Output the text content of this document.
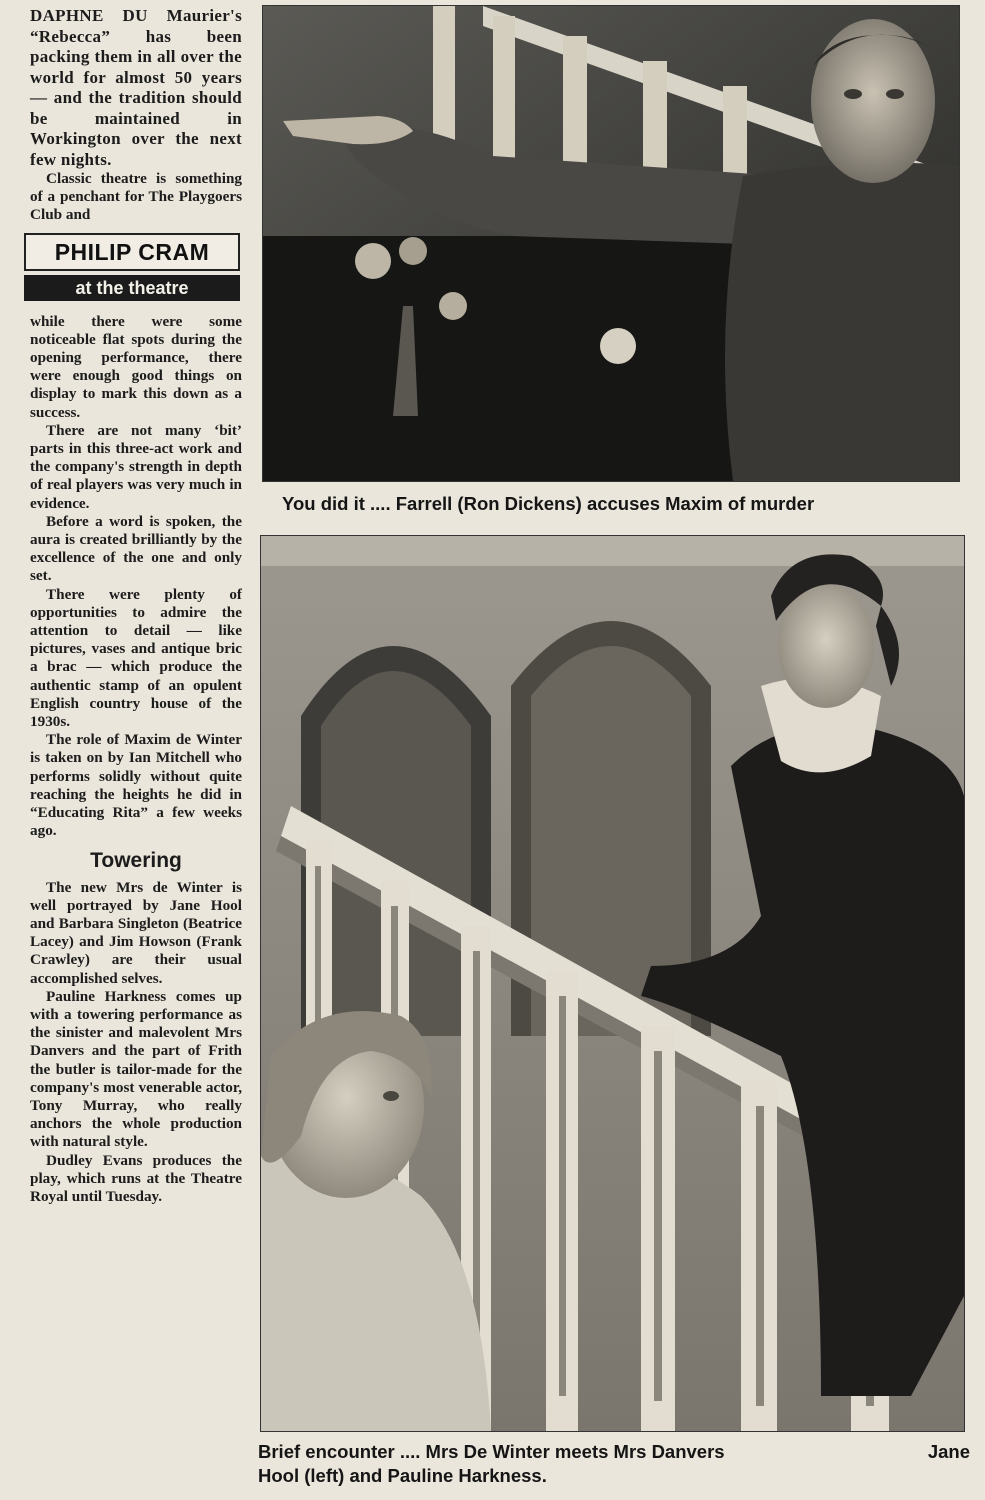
DAPHNE DU Maurier's “Rebecca” has been packing them in all over the world for almost 50 years — and the tradition should be maintained in Workington over the next few nights.

Classic theatre is something of a penchant for The Playgoers Club and

PHILIP CRAM
at the theatre

while there were some noticeable flat spots during the opening performance, there were enough good things on display to mark this down as a success.

There are not many ‘bit’ parts in this three-act work and the company's strength in depth of real players was very much in evidence.

Before a word is spoken, the aura is created brilliantly by the excellence of the one and only set.

There were plenty of opportunities to admire the attention to detail — like pictures, vases and antique bric a brac — which produce the authentic stamp of an opulent English country house of the 1930s.

The role of Maxim de Winter is taken on by Ian Mitchell who performs solidly without quite reaching the heights he did in “Educating Rita” a few weeks ago.

Towering

The new Mrs de Winter is well portrayed by Jane Hool and Barbara Singleton (Beatrice Lacey) and Jim Howson (Frank Crawley) are their usual accomplished selves.

Pauline Harkness comes up with a towering performance as the sinister and malevolent Mrs Danvers and the part of Frith the butler is tailor-made for the company's most venerable actor, Tony Murray, who really anchors the whole production with natural style.

Dudley Evans produces the play, which runs at the Theatre Royal until Tuesday.

You did it .... Farrell (Ron Dickens) accuses Maxim of murder
Jane
Brief encounter .... Mrs De Winter meets Mrs Danvers
Hool (left) and Pauline Harkness.
